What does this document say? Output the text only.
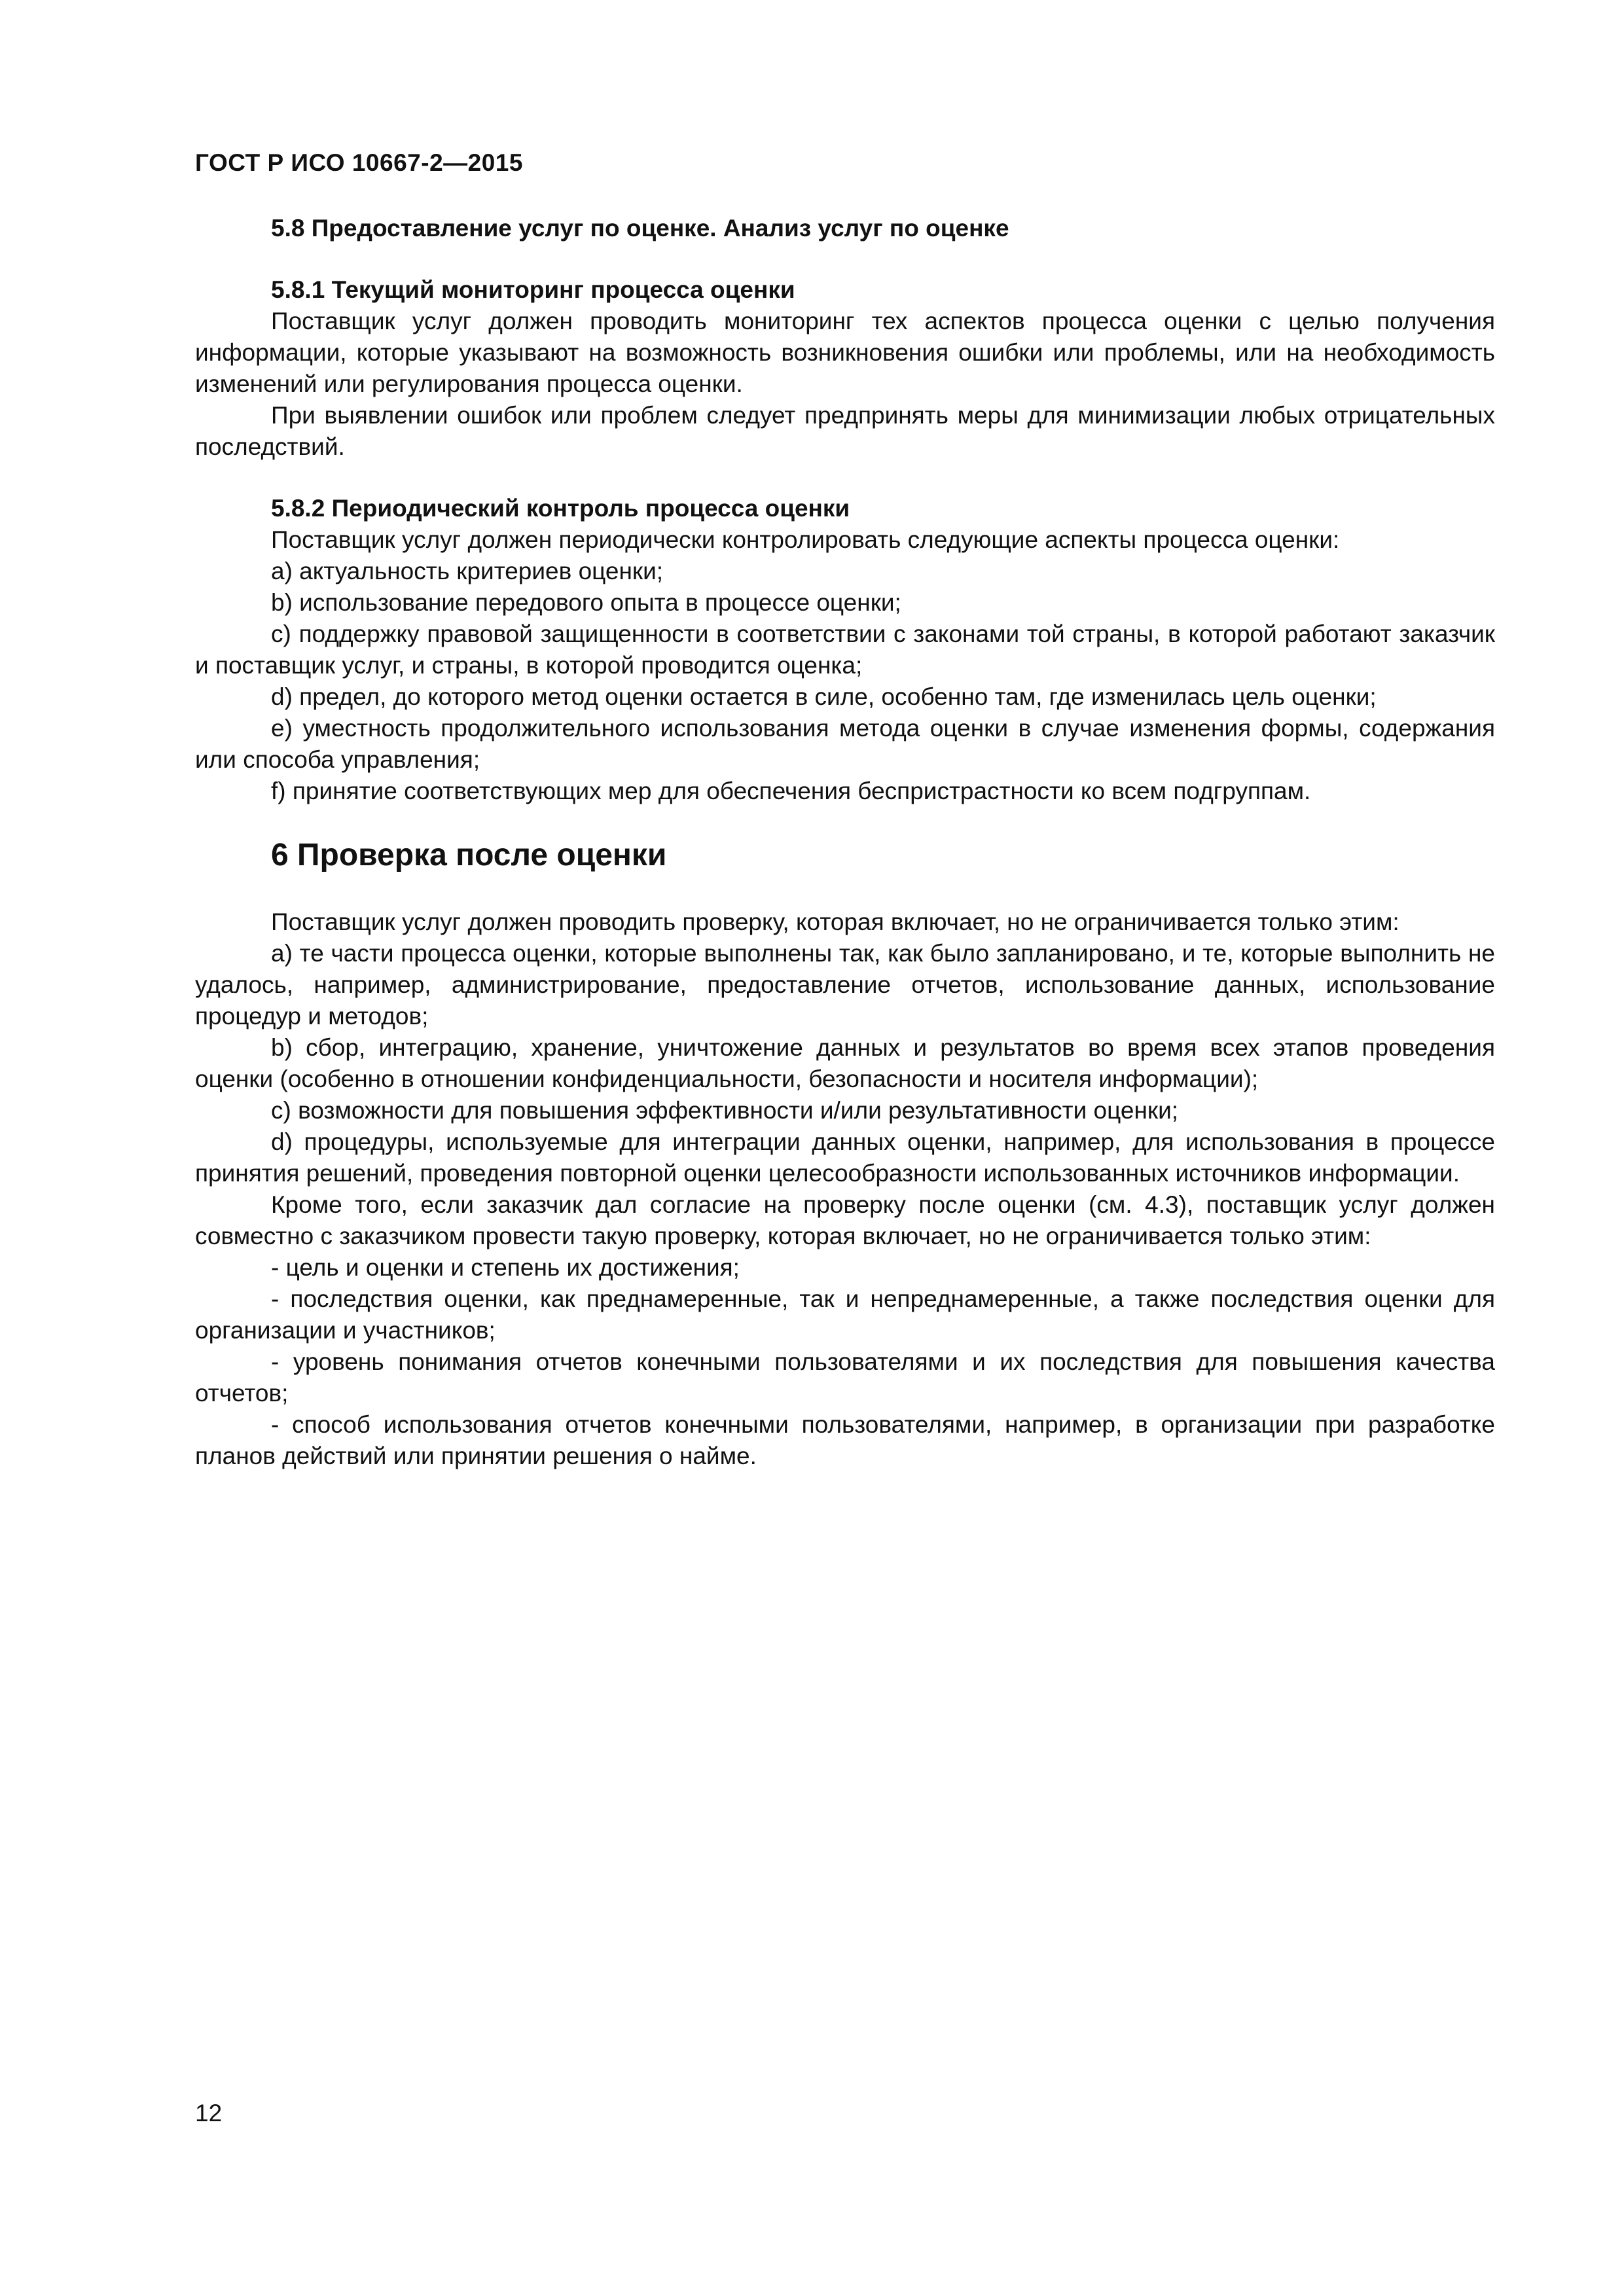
ГОСТ Р ИСО 10667-2—2015

5.8 Предоставление услуг по оценке. Анализ услуг по оценке

5.8.1 Текущий мониторинг процесса оценки

Поставщик услуг должен проводить мониторинг тех аспектов процесса оценки с целью получения информации, которые указывают на возможность возникновения ошибки или проблемы, или на необходимость изменений или регулирования процесса оценки.

При выявлении ошибок или проблем следует предпринять меры для минимизации любых отрицательных последствий.

5.8.2 Периодический контроль процесса оценки

Поставщик услуг должен периодически контролировать следующие аспекты процесса оценки:

a) актуальность критериев оценки;

b) использование передового опыта в процессе оценки;

c) поддержку правовой защищенности в соответствии с законами той страны, в которой работают заказчик и поставщик услуг, и страны, в которой проводится оценка;

d) предел, до которого метод оценки остается в силе, особенно там, где изменилась цель оценки;

e) уместность продолжительного использования метода оценки в случае изменения формы, содержания или способа управления;

f) принятие соответствующих мер для обеспечения беспристрастности ко всем подгруппам.

6 Проверка после оценки

Поставщик услуг должен проводить проверку, которая включает, но не ограничивается только этим:

a) те части процесса оценки, которые выполнены так, как было запланировано, и те, которые выполнить не удалось, например, администрирование, предоставление отчетов, использование данных, использование процедур и методов;

b) сбор, интеграцию, хранение, уничтожение данных и результатов во время всех этапов проведения оценки (особенно в отношении конфиденциальности, безопасности и носителя информации);

c) возможности для повышения эффективности и/или результативности оценки;

d) процедуры, используемые для интеграции данных оценки, например, для использования в процессе принятия решений, проведения повторной оценки целесообразности использованных источников информации.

Кроме того, если заказчик дал согласие на проверку после оценки (см. 4.3), поставщик услуг должен совместно с заказчиком провести такую проверку, которая включает, но не ограничивается только этим:

- цель и оценки и степень их достижения;

- последствия оценки, как преднамеренные, так и непреднамеренные, а также последствия оценки для организации и участников;

- уровень понимания отчетов конечными пользователями и их последствия для повышения качества отчетов;

- способ использования отчетов конечными пользователями, например, в организации при разработке планов действий или принятии решения о найме.

12
